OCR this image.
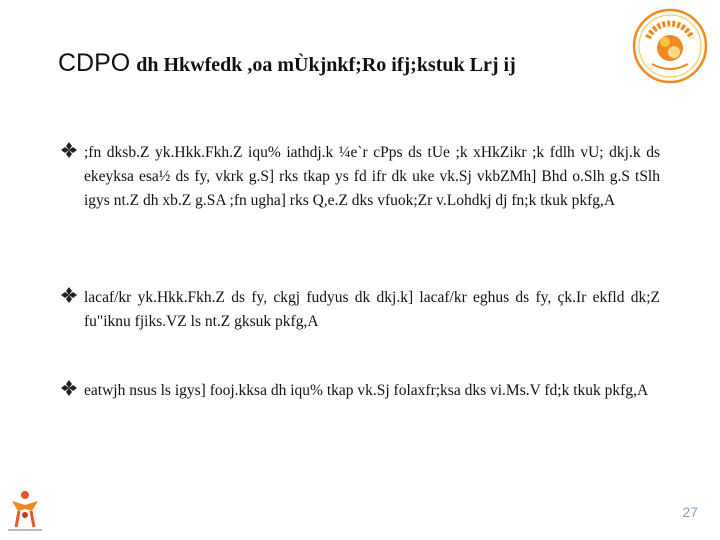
CDPO dh Hkwfedk ,oa mÙkjnkf;Ro ifj;kstuk Lrj ij
;fn dksb.Z yk.Hkk.Fkh.Z iqu% iathdj.k ¼e`r cPps ds tUe ;k xHkZikr ;k fdlh vU; dkj.k ds ekeyksa esa½ ds fy, vkrk g.S] rks tkap ys fd ifr dk uke vk.Sj vkbZMh] Bhd o.Slh g.S tSlh igys nt.Z dh xb.Z g.SA ;fn ugha] rks Q,e.Z dks vfuok;Zr v.Lohdkj dj fn;k tkuk pkfg,A
lacaf/kr yk.Hkk.Fkh.Z ds fy, ckgj fudyus dk dkj.k] lacaf/kr eghus ds fy, çk.Ir ekfld dk;Z fu"iknu fjiks.VZ ls nt.Z gksuk pkfg,A
eatwjh nsus ls igys] fooj.kksa dh iqu% tkap vk.Sj folaxfr;ksa dks vi.Ms.V fd;k tkuk pkfg,A
27
